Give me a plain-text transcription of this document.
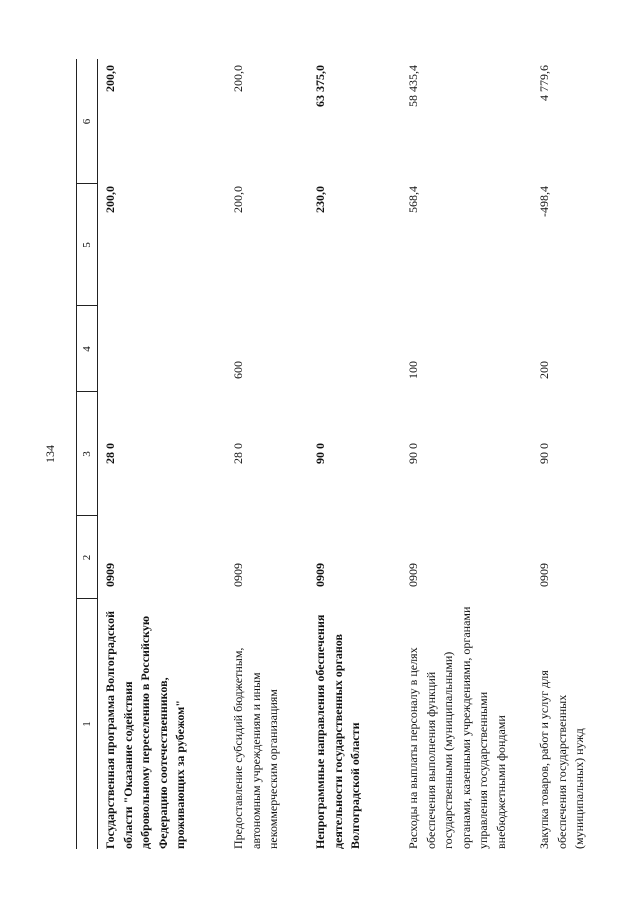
134
1
2
3
4
5
6
Государственная программа Волгоградской области "Оказание содействия добровольному переселению в Российскую Федерацию соотечественников, проживающих за рубежом"
0909
28 0
200,0
200,0
Предоставление субсидий бюджетным, автономным учреждениям и иным некоммерческим организациям
0909
28 0
600
200,0
200,0
Непрограммные направления обеспечения деятельности государственных органов Волгоградской области
0909
90 0
230,0
63 375,0
Расходы на выплаты персоналу в целях обеспечения выполнения функций государственными (муниципальными) органами, казенными учреждениями, органами управления государственными внебюджетными фондами
0909
90 0
100
568,4
58 435,4
Закупка товаров, работ и услуг для обеспечения государственных (муниципальных) нужд
0909
90 0
200
-498,4
4 779,6
